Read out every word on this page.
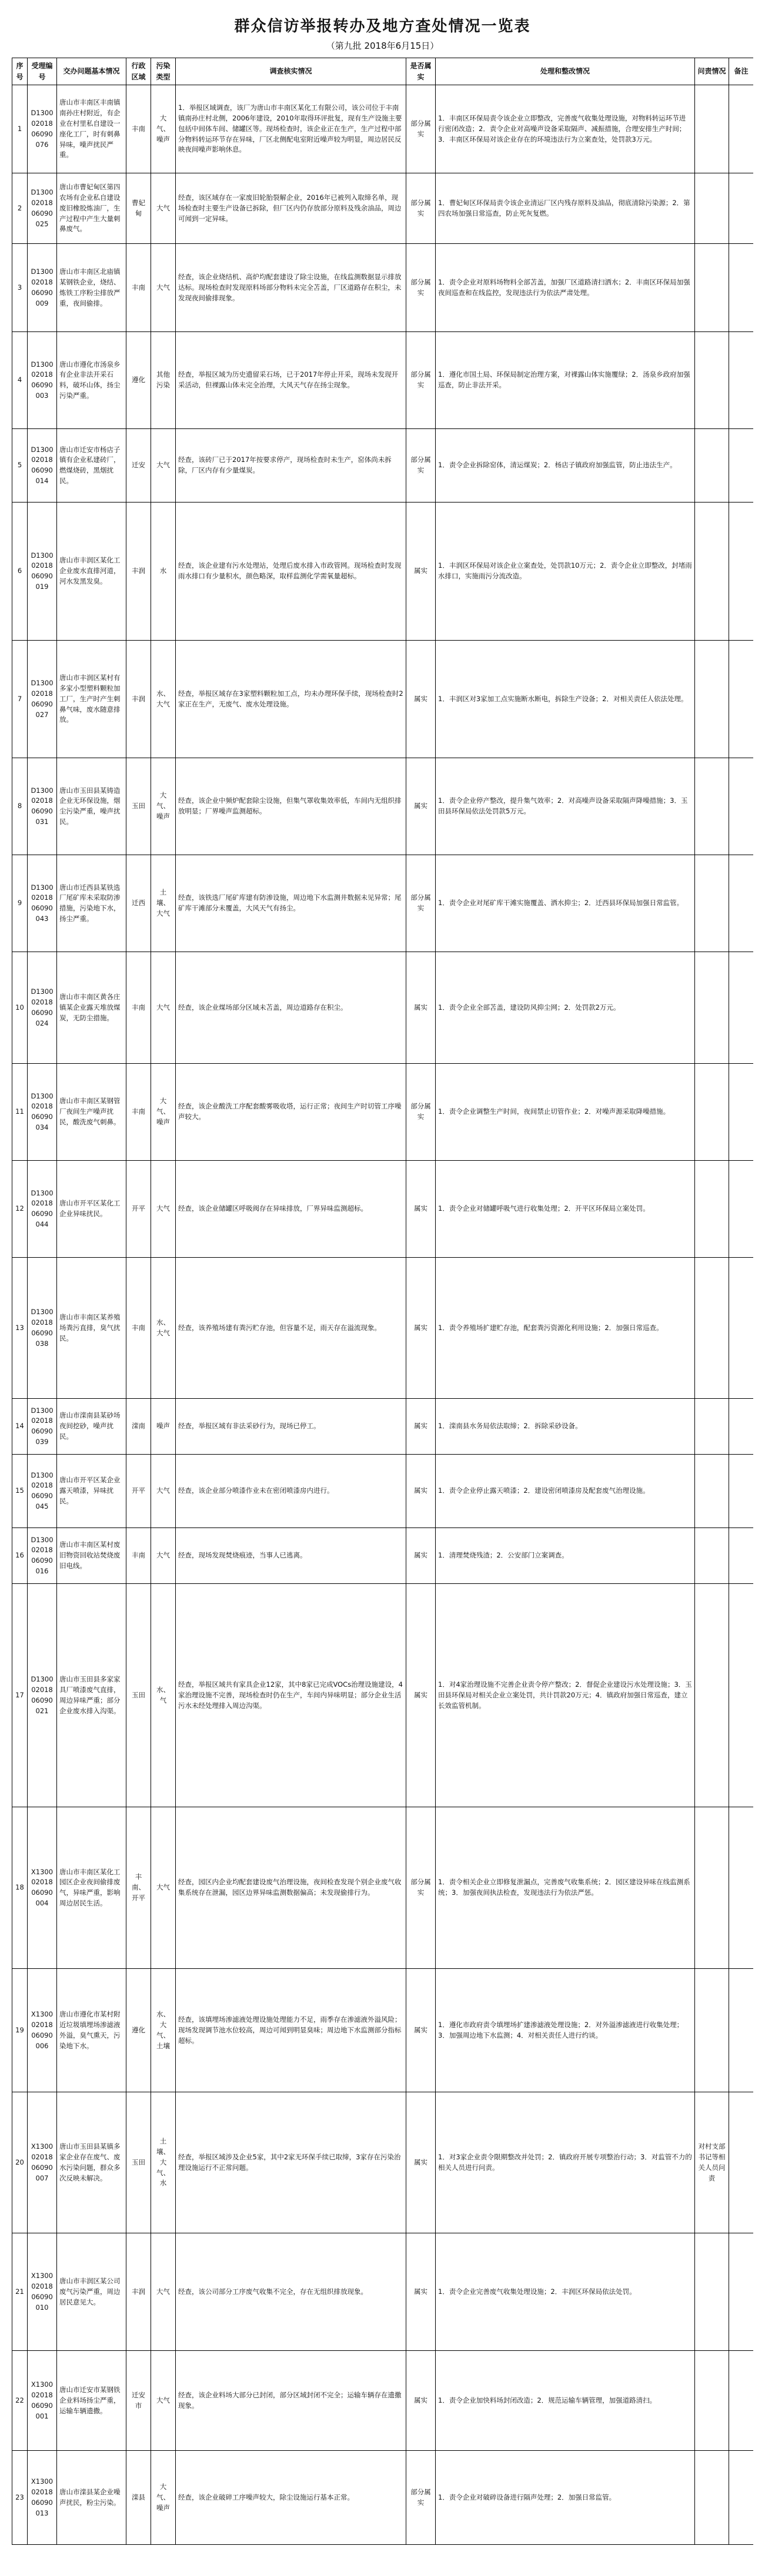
群众信访举报转办及地方查处情况一览表
（第九批 2018年6月15日）
序号	受理编号	交办问题基本情况	行政区域	污染类型	调查核实情况	是否属实	处理和整改情况	问责情况	备注
1	D13000201806090076	唐山市丰南区丰南镇南孙庄村附近，有企业在村里私自建设一座化工厂，时有刺鼻异味，噪声扰民严重。	丰南	大气、噪声	1．举报区域调查，该厂为唐山市丰南区某化工有限公司，该公司位于丰南镇南孙庄村北侧，2006年建设，2010年取得环评批复，现有生产设施主要包括中间体车间、储罐区等。现场检查时，该企业正在生产，生产过程中部分物料转运环节存在异味，厂区北侧配电室附近噪声较为明显，周边居民反映夜间噪声影响休息。	部分属实	1．丰南区环保局责令该企业立即整改，完善废气收集处理设施，对物料转运环节进行密闭改造；2．责令企业对高噪声设备采取隔声、减振措施，合理安排生产时间；3．丰南区环保局对该企业存在的环境违法行为立案查处，处罚款3万元。		
2	D13000201806090025	唐山市曹妃甸区第四农场有企业私自建设废旧橡胶炼油厂，生产过程中产生大量刺鼻废气。	曹妃甸	大气	经查，该区域存在一家废旧轮胎裂解企业，2016年已被列入取缔名单，现场检查时主要生产设备已拆除，但厂区内仍存放部分原料及残余油品，周边可闻到一定异味。	部分属实	1．曹妃甸区环保局责令该企业清运厂区内残存原料及油品，彻底清除污染源；2．第四农场加强日常巡查，防止死灰复燃。		
3	D13000201806090009	唐山市丰南区北庙镇某钢铁企业，烧结、炼铁工序粉尘排放严重，夜间偷排。	丰南	大气	经查，该企业烧结机、高炉均配套建设了除尘设施，在线监测数据显示排放达标。现场检查时发现原料场部分物料未完全苫盖，厂区道路存在积尘，未发现夜间偷排现象。	部分属实	1．责令企业对原料场物料全部苫盖，加强厂区道路清扫洒水；2．丰南区环保局加强夜间巡查和在线监控，发现违法行为依法严肃处理。		
4	D13000201806090003	唐山市遵化市汤泉乡有企业非法开采石料，破坏山体，扬尘污染严重。	遵化	其他污染	经查，举报区域为历史遗留采石场，已于2017年停止开采，现场未发现开采活动，但裸露山体未完全治理，大风天气存在扬尘现象。	部分属实	1．遵化市国土局、环保局制定治理方案，对裸露山体实施覆绿；2．汤泉乡政府加强巡查，防止非法开采。		
5	D13000201806090014	唐山市迁安市杨店子镇有企业私建砖厂，燃煤烧砖，黑烟扰民。	迁安	大气	经查，该砖厂已于2017年按要求停产，现场检查时未生产，窑体尚未拆除，厂区内存有少量煤炭。	部分属实	1．责令企业拆除窑体，清运煤炭；2．杨店子镇政府加强监管，防止违法生产。		
6	D13000201806090019	唐山市丰润区某化工企业废水直排河道，河水发黑发臭。	丰润	水	经查，该企业建有污水处理站，处理后废水排入市政管网。现场检查时发现雨水排口有少量积水，颜色略深，取样监测化学需氧量超标。	属实	1．丰润区环保局对该企业立案查处，处罚款10万元；2．责令企业立即整改，封堵雨水排口，实施雨污分流改造。		
7	D13000201806090027	唐山市丰润区某村有多家小型塑料颗粒加工厂，生产时产生刺鼻气味，废水随意排放。	丰润	水、大气	经查，举报区域存在3家塑料颗粒加工点，均未办理环保手续，现场检查时2家正在生产，无废气、废水处理设施。	属实	1．丰润区对3家加工点实施断水断电，拆除生产设备；2．对相关责任人依法处理。		
8	D13000201806090031	唐山市玉田县某铸造企业无环保设施，烟尘污染严重，噪声扰民。	玉田	大气、噪声	经查，该企业中频炉配套除尘设施，但集气罩收集效率低，车间内无组织排放明显；厂界噪声监测超标。	属实	1．责令企业停产整改，提升集气效率；2．对高噪声设备采取隔声降噪措施；3．玉田县环保局依法处罚款5万元。		
9	D13000201806090043	唐山市迁西县某铁选厂尾矿库未采取防渗措施，污染地下水，扬尘严重。	迁西	土壤、大气	经查，该铁选厂尾矿库建有防渗设施，周边地下水监测井数据未见异常；尾矿库干滩部分未覆盖，大风天气有扬尘。	部分属实	1．责令企业对尾矿库干滩实施覆盖、洒水抑尘；2．迁西县环保局加强日常监管。		
10	D13000201806090024	唐山市丰南区黄各庄镇某企业露天堆放煤炭，无防尘措施。	丰南	大气	经查，该企业煤场部分区域未苫盖，周边道路存在积尘。	属实	1．责令企业全部苫盖，建设防风抑尘网；2．处罚款2万元。		
11	D13000201806090034	唐山市丰南区某钢管厂夜间生产噪声扰民，酸洗废气刺鼻。	丰南	大气、噪声	经查，该企业酸洗工序配套酸雾吸收塔，运行正常；夜间生产时切管工序噪声较大。	部分属实	1．责令企业调整生产时间，夜间禁止切管作业；2．对噪声源采取降噪措施。		
12	D13000201806090044	唐山市开平区某化工企业异味扰民。	开平	大气	经查，该企业储罐区呼吸阀存在异味排放，厂界异味监测超标。	属实	1．责令企业对储罐呼吸气进行收集处理；2．开平区环保局立案处罚。		
13	D13000201806090038	唐山市丰南区某养殖场粪污直排，臭气扰民。	丰南	水、大气	经查，该养殖场建有粪污贮存池，但容量不足，雨天存在溢流现象。	属实	1．责令养殖场扩建贮存池，配套粪污资源化利用设施；2．加强日常巡查。		
14	D13000201806090039	唐山市滦南县某砂场夜间挖砂，噪声扰民。	滦南	噪声	经查，举报区域有非法采砂行为，现场已停工。	属实	1．滦南县水务局依法取缔；2．拆除采砂设备。		
15	D13000201806090045	唐山市开平区某企业露天喷漆，异味扰民。	开平	大气	经查，该企业部分喷漆作业未在密闭喷漆房内进行。	属实	1．责令企业停止露天喷漆；2．建设密闭喷漆房及配套废气治理设施。		
16	D13000201806090016	唐山市丰南区某村废旧物资回收站焚烧废旧电线。	丰南	大气	经查，现场发现焚烧痕迹，当事人已逃离。	属实	1．清理焚烧残渣；2．公安部门立案调查。		
17	D13000201806090021	唐山市玉田县多家家具厂喷漆废气直排，周边异味严重；部分企业废水排入沟渠。	玉田	水、气	经查，举报区域共有家具企业12家，其中8家已完成VOCs治理设施建设，4家治理设施不完善，现场检查时仍在生产，车间内异味明显；部分企业生活污水未经处理排入周边沟渠。	属实	1．对4家治理设施不完善企业责令停产整改；2．督促企业建设污水处理设施；3．玉田县环保局对相关企业立案处罚，共计罚款20万元；4．镇政府加强日常巡查，建立长效监管机制。		
18	X13000201806090004	唐山市丰南区某化工园区企业夜间偷排废气，异味严重，影响周边居民生活。	丰南、开平	大气	经查，园区内企业均配套建设废气治理设施，夜间检查发现个别企业废气收集系统存在泄漏，园区边界异味监测数据偏高；未发现偷排行为。	部分属实	1．责令相关企业立即修复泄漏点，完善废气收集系统；2．园区建设异味在线监测系统；3．加强夜间执法检查，发现违法行为依法严惩。		
19	X13000201806090006	唐山市遵化市某村附近垃圾填埋场渗滤液外溢，臭气熏天，污染地下水。	遵化	水、大气、土壤	经查，该填埋场渗滤液处理设施处理能力不足，雨季存在渗滤液外溢风险；现场发现调节池水位较高，周边可闻到明显臭味；周边地下水监测部分指标超标。	属实	1．遵化市政府责令填埋场扩建渗滤液处理设施；2．对外溢渗滤液进行收集处理；3．加强周边地下水监测；4．对相关责任人进行约谈。		
20	X13000201806090007	唐山市玉田县某镇多家企业存在废气、废水污染问题，群众多次反映未解决。	玉田	土壤、大气、水	经查，举报区域涉及企业5家，其中2家无环保手续已取缔，3家存在污染治理设施运行不正常问题。	属实	1．对3家企业责令限期整改并处罚；2．镇政府开展专项整治行动；3．对监管不力的相关人员进行问责。	对村支部书记等相关人员问责	
21	X13000201806090010	唐山市丰润区某公司废气污染严重，周边居民意见大。	丰润	大气	经查，该公司部分工序废气收集不完全，存在无组织排放现象。	属实	1．责令企业完善废气收集处理设施；2．丰润区环保局依法处罚。		
22	X13000201806090001	唐山市迁安市某钢铁企业料场扬尘严重，运输车辆遗撒。	迁安市	大气	经查，该企业料场大部分已封闭，部分区域封闭不完全；运输车辆存在遗撒现象。	属实	1．责令企业加快料场封闭改造；2．规范运输车辆管理，加强道路清扫。		
23	X13000201806090013	唐山市滦县某企业噪声扰民，粉尘污染。	滦县	大气、噪声	经查，该企业破碎工序噪声较大，除尘设施运行基本正常。	部分属实	1．责令企业对破碎设备进行隔声处理；2．加强日常监管。		
